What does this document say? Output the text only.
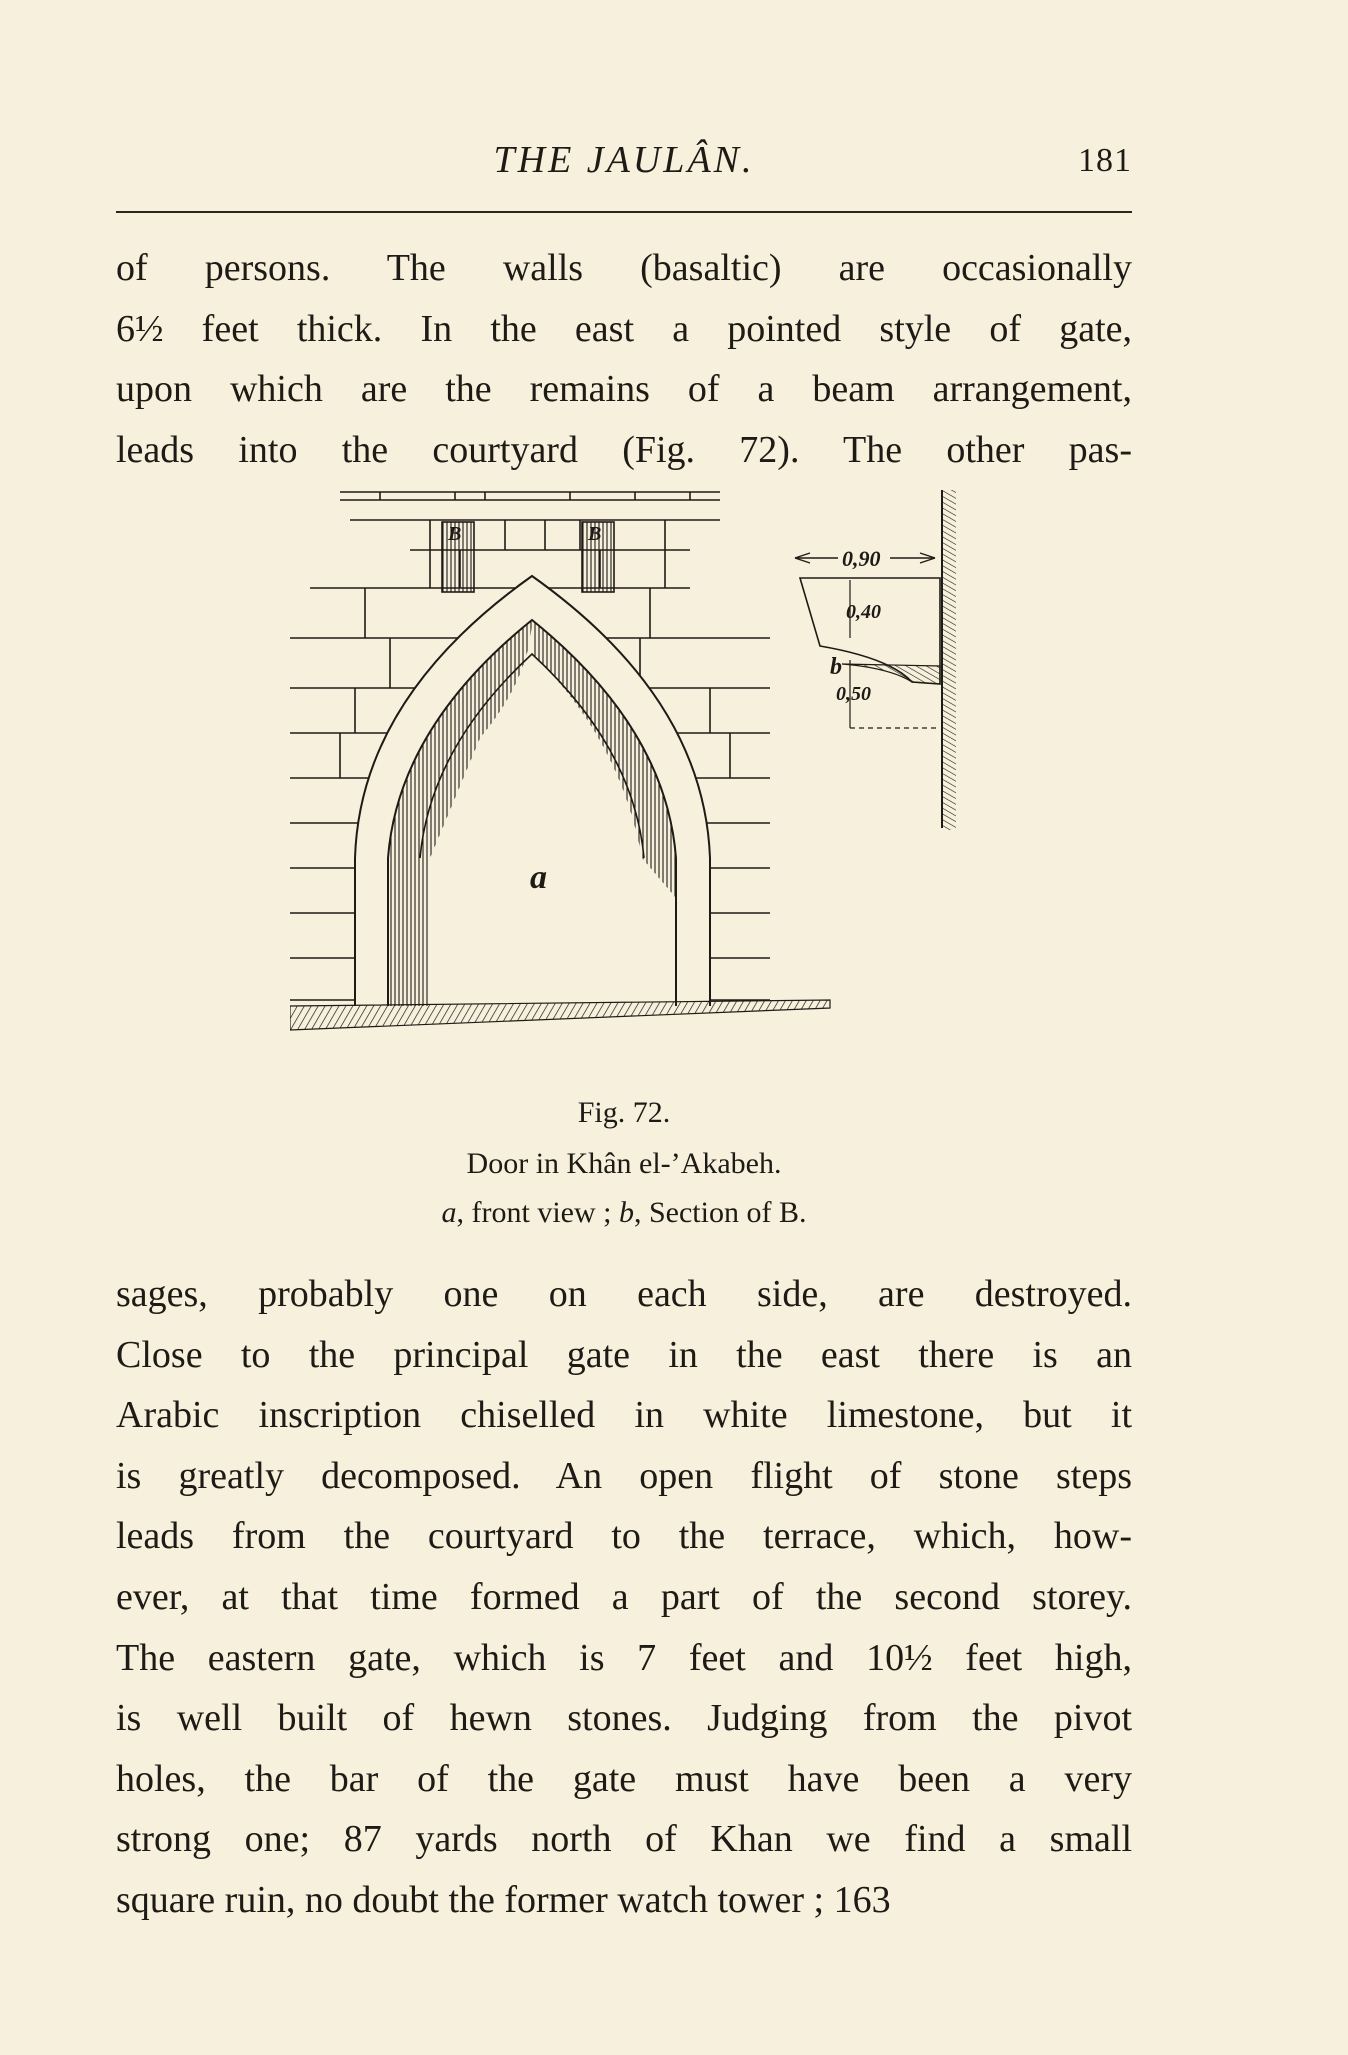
THE JAULÂN.	181
of persons. The walls (basaltic) are occasionally
6½ feet thick. In the east a pointed style of gate,
upon which are the remains of a beam arrangement,
leads into the courtyard (Fig. 72). The other pas-
B	B
a
0,90
0,40
b
0,50

Fig. 72.

Door in Khân el-’Akabeh.

a, front view ; b, Section of B.

sages, probably one on each side, are destroyed.
Close to the principal gate in the east there is an
Arabic inscription chiselled in white limestone, but it
is greatly decomposed. An open flight of stone steps
leads from the courtyard to the terrace, which, how-
ever, at that time formed a part of the second storey.
The eastern gate, which is 7 feet and 10½ feet high,
is well built of hewn stones. Judging from the pivot
holes, the bar of the gate must have been a very
strong one; 87 yards north of Khan we find a small
square ruin, no doubt the former watch tower ; 163
